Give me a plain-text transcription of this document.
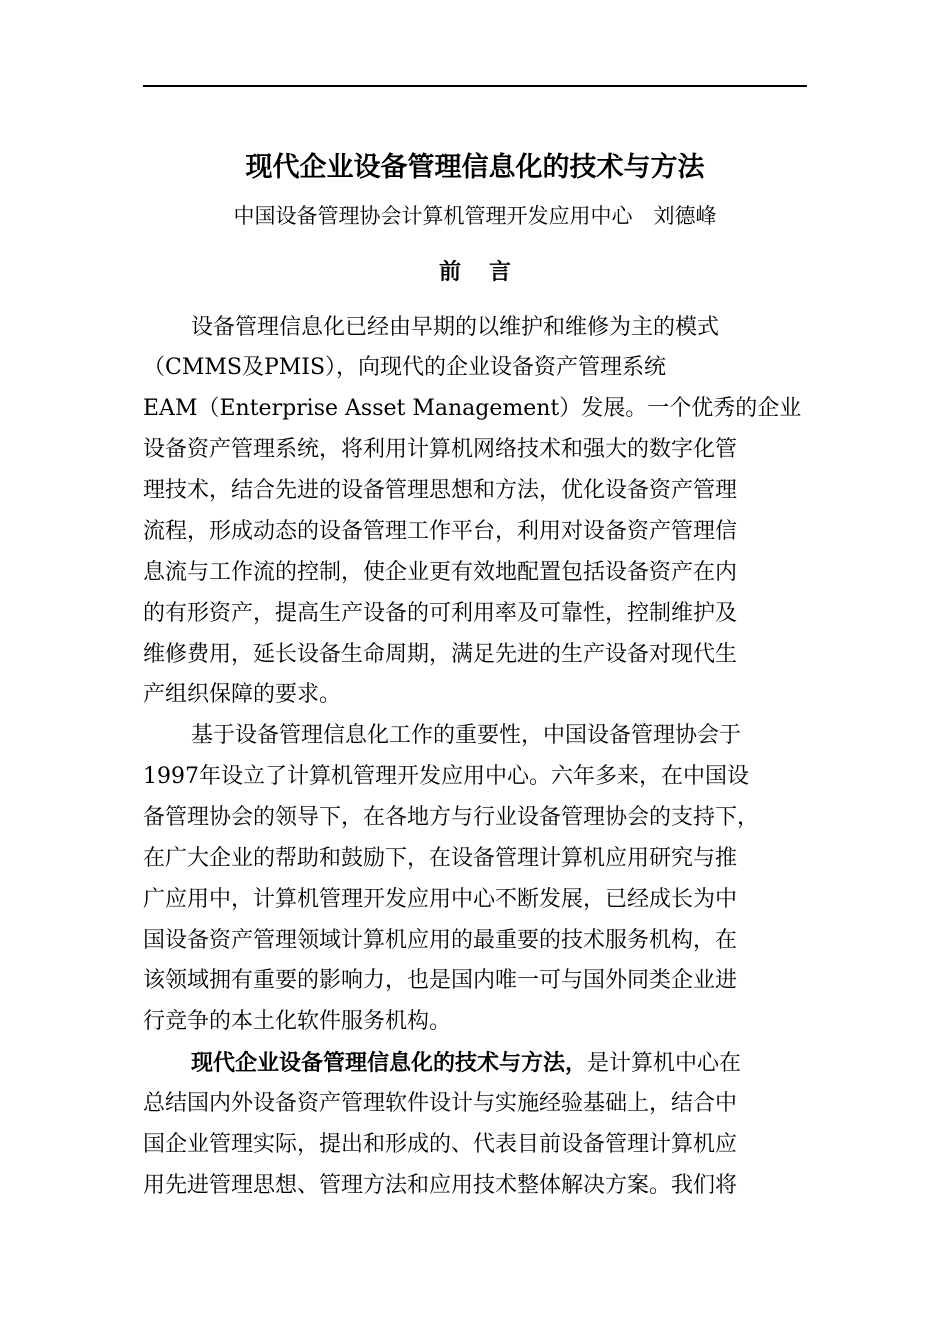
现代企业设备管理信息化的技术与方法
中国设备管理协会计算机管理开发应用中心　刘德峰
前言
设备管理信息化已经由早期的以维护和维修为主的模式
（CMMS及PMIS），向现代的企业设备资产管理系统
EAM（Enterprise Asset Management）发展。一个优秀的企业
设备资产管理系统，将利用计算机网络技术和强大的数字化管
理技术，结合先进的设备管理思想和方法，优化设备资产管理
流程，形成动态的设备管理工作平台，利用对设备资产管理信
息流与工作流的控制，使企业更有效地配置包括设备资产在内
的有形资产，提高生产设备的可利用率及可靠性，控制维护及
维修费用，延长设备生命周期，满足先进的生产设备对现代生
产组织保障的要求。
基于设备管理信息化工作的重要性，中国设备管理协会于
1997年设立了计算机管理开发应用中心。六年多来，在中国设
备管理协会的领导下，在各地方与行业设备管理协会的支持下，
在广大企业的帮助和鼓励下，在设备管理计算机应用研究与推
广应用中，计算机管理开发应用中心不断发展，已经成长为中
国设备资产管理领域计算机应用的最重要的技术服务机构，在
该领域拥有重要的影响力，也是国内唯一可与国外同类企业进
行竞争的本土化软件服务机构。
现代企业设备管理信息化的技术与方法，是计算机中心在
总结国内外设备资产管理软件设计与实施经验基础上，结合中
国企业管理实际，提出和形成的、代表目前设备管理计算机应
用先进管理思想、管理方法和应用技术整体解决方案。我们将
